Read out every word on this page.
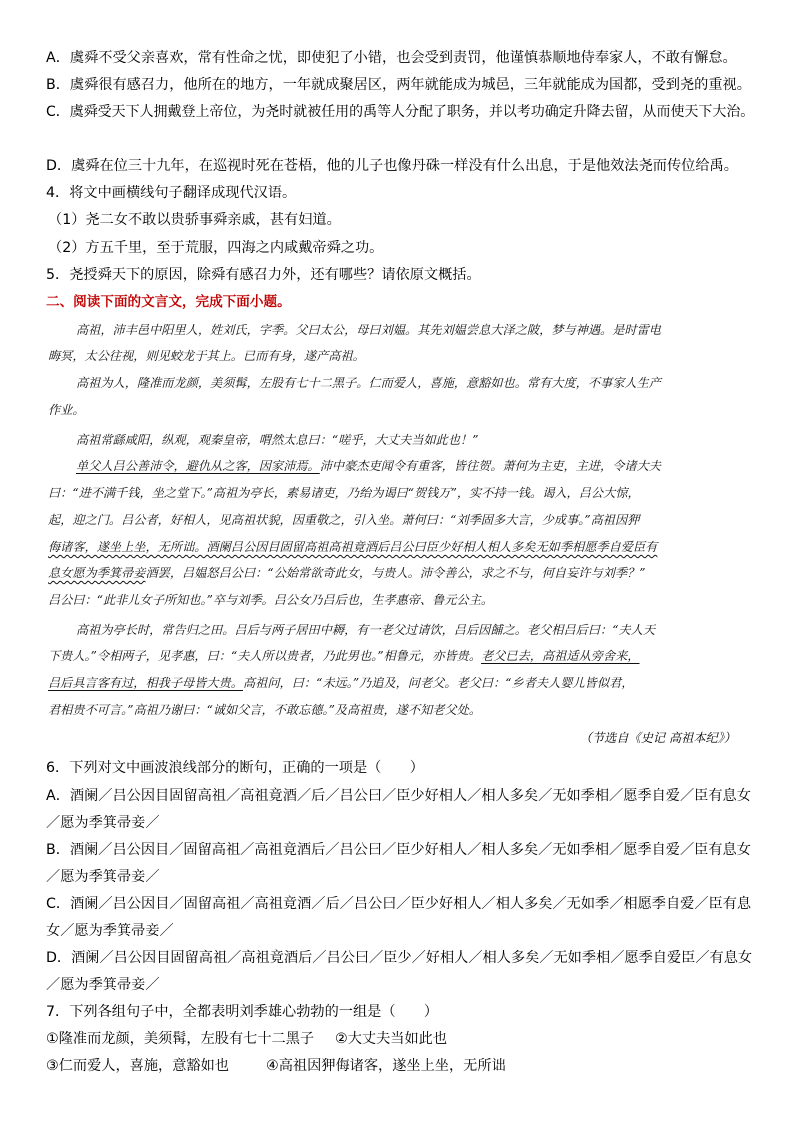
A．虞舜不受父亲喜欢，常有性命之忧，即使犯了小错，也会受到责罚，他谨慎恭顺地侍奉家人，不敢有懈怠。
B．虞舜很有感召力，他所在的地方，一年就成聚居区，两年就能成为城邑，三年就能成为国都，受到尧的重视。
C．虞舜受天下人拥戴登上帝位，为尧时就被任用的禹等人分配了职务，并以考功确定升降去留，从而使天下大治。
D．虞舜在位三十九年，在巡视时死在苍梧，他的儿子也像丹硃一样没有什么出息，于是他效法尧而传位给禹。
4．将文中画横线句子翻译成现代汉语。
（1）尧二女不敢以贵骄事舜亲戚，甚有妇道。
（2）方五千里，至于荒服，四海之内咸戴帝舜之功。
5．尧授舜天下的原因，除舜有感召力外，还有哪些？请依原文概括。
二、阅读下面的文言文，完成下面小题。
高祖，沛丰邑中阳里人，姓刘氏，字季。父曰太公，母曰刘媪。其先刘媪尝息大泽之陂，梦与神遇。是时雷电
晦冥，太公往视，则见蛟龙于其上。已而有身，遂产高祖。
高祖为人，隆准而龙颜，美须髯，左股有七十二黑子。仁而爱人，喜施，意豁如也。常有大度，不事家人生产
作业。
高祖常繇咸阳，纵观，观秦皇帝，喟然太息曰：“嗟乎，大丈夫当如此也！”
单父人吕公善沛令，避仇从之客，因家沛焉。沛中豪杰吏闻令有重客，皆往贺。萧何为主吏，主进，令诸大夫
曰：“进不满千钱，坐之堂下。”高祖为亭长，素易诸吏，乃绐为谒曰“贺钱万”，实不持一钱。谒入，吕公大惊，
起，迎之门。吕公者，好相人，见高祖状貌，因重敬之，引入坐。萧何曰：“刘季固多大言，少成事。”高祖因狎
侮诸客，遂坐上坐，无所诎。酒阑吕公因目固留高祖高祖竟酒后吕公曰臣少好相人相人多矣无如季相愿季自爱臣有
息女愿为季箕帚妾酒罢，吕媪怒吕公曰：“公始常欲奇此女，与贵人。沛令善公，求之不与，何自妄许与刘季？”
吕公曰：“此非儿女子所知也。”卒与刘季。吕公女乃吕后也，生孝惠帝、鲁元公主。
高祖为亭长时，常告归之田。吕后与两子居田中耨，有一老父过请饮，吕后因餔之。老父相吕后曰：“夫人天
下贵人。”令相两子，见孝惠，曰：“夫人所以贵者，乃此男也。”相鲁元，亦皆贵。老父已去，高祖适从旁舍来，
吕后具言客有过，相我子母皆大贵。高祖问，曰：“未远。”乃追及，问老父。老父曰：“乡者夫人婴儿皆似君，
君相贵不可言。”高祖乃谢曰：“诚如父言，不敢忘德。”及高祖贵，遂不知老父处。
（节选自《史记 高祖本纪》）
6．下列对文中画波浪线部分的断句，正确的一项是（　　）
A．酒阑／吕公因目固留高祖／高祖竟酒／后／吕公曰／臣少好相人／相人多矣／无如季相／愿季自爱／臣有息女
／愿为季箕帚妾／
B．酒阑／吕公因目／固留高祖／高祖竟酒后／吕公曰／臣少好相人／相人多矣／无如季相／愿季自爱／臣有息女
／愿为季箕帚妾／
C．酒阑／吕公因目／固留高祖／高祖竟酒／后／吕公曰／臣少好相人／相人多矣／无如季／相愿季自爱／臣有息
女／愿为季箕帚妾／
D．酒阑／吕公因目固留高祖／高祖竟酒后／吕公曰／臣少／好相人／相人多矣／无如季相／愿季自爱臣／有息女
／愿为季箕帚妾／
7．下列各组句子中，全都表明刘季雄心勃勃的一组是（　　）
①隆准而龙颜，美须髯，左股有七十二黑子 ②大丈夫当如此也
③仁而爱人，喜施，意豁如也	④高祖因狎侮诸客，遂坐上坐，无所诎
